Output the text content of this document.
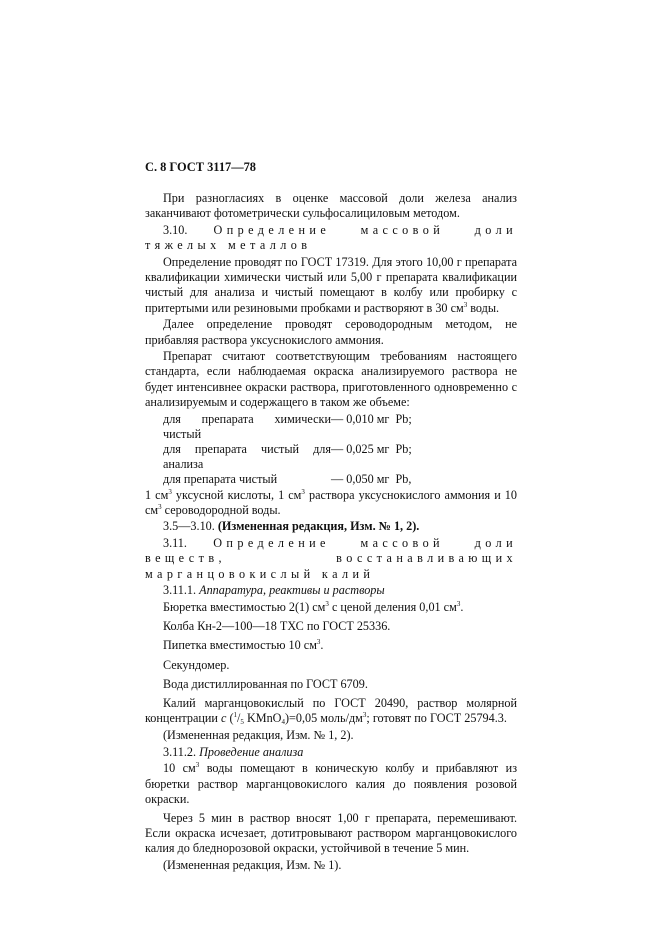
С. 8 ГОСТ 3117—78
При разногласиях в оценке массовой доли железа анализ заканчивают фотометрически сульфосалициловым методом.
3.10. Определение массовой доли тяжелых металлов
Определение проводят по ГОСТ 17319. Для этого 10,00 г препарата квалификации химически чистый или 5,00 г препарата квалификации чистый для анализа и чистый помещают в колбу или пробирку с притертыми или резиновыми пробками и растворяют в 30 $см^3$ воды.
Далее определение проводят сероводородным методом, не прибавляя раствора уксуснокислого аммония.
Препарат считают соответствующим требованиям настоящего стандарта, если наблюдаемая окраска анализируемого раствора не будет интенсивнее окраски раствора, приготовленного одновременно с анализируемым и содержащего в таком же объеме:
для препарата химически чистый
— 0,010 мг  Pb;
для препарата чистый для анализа
— 0,025 мг  Pb;
для препарата чистый	— 0,050 мг  Pb,
1 $см^3$ уксусной кислоты, 1 $см^3$ раствора уксуснокислого аммония и 10 $см^3$ сероводородной воды.
3.5—3.10. (Измененная редакция, Изм. № 1, 2).
3.11. Определение массовой доли веществ, восстанавливающих марганцовокислый калий
3.11.1. Аппаратура, реактивы и растворы
Бюретка вместимостью 2(1) $см^3$ с ценой деления 0,01 $см^3$.
Колба Кн-2—100—18 ТХС по ГОСТ 25336.
Пипетка вместимостью 10 $см^3$.
Секундомер.
Вода дистиллированная по ГОСТ 6709.
Калий марганцовокислый по ГОСТ 20490, раствор молярной концентрации c ($^1/_5$ KMnO$_4$)=0,05 моль/$дм^3$; готовят по ГОСТ 25794.3.
(Измененная редакция, Изм. № 1, 2).
3.11.2. Проведение анализа
10 $см^3$ воды помещают в коническую колбу и прибавляют из бюретки раствор марганцовокислого калия до появления розовой окраски.
Через 5 мин в раствор вносят 1,00 г препарата, перемешивают. Если окраска исчезает, дотитровывают раствором марганцовокислого калия до бледнорозовой окраски, устойчивой в течение 5 мин.
(Измененная редакция, Изм. № 1).
